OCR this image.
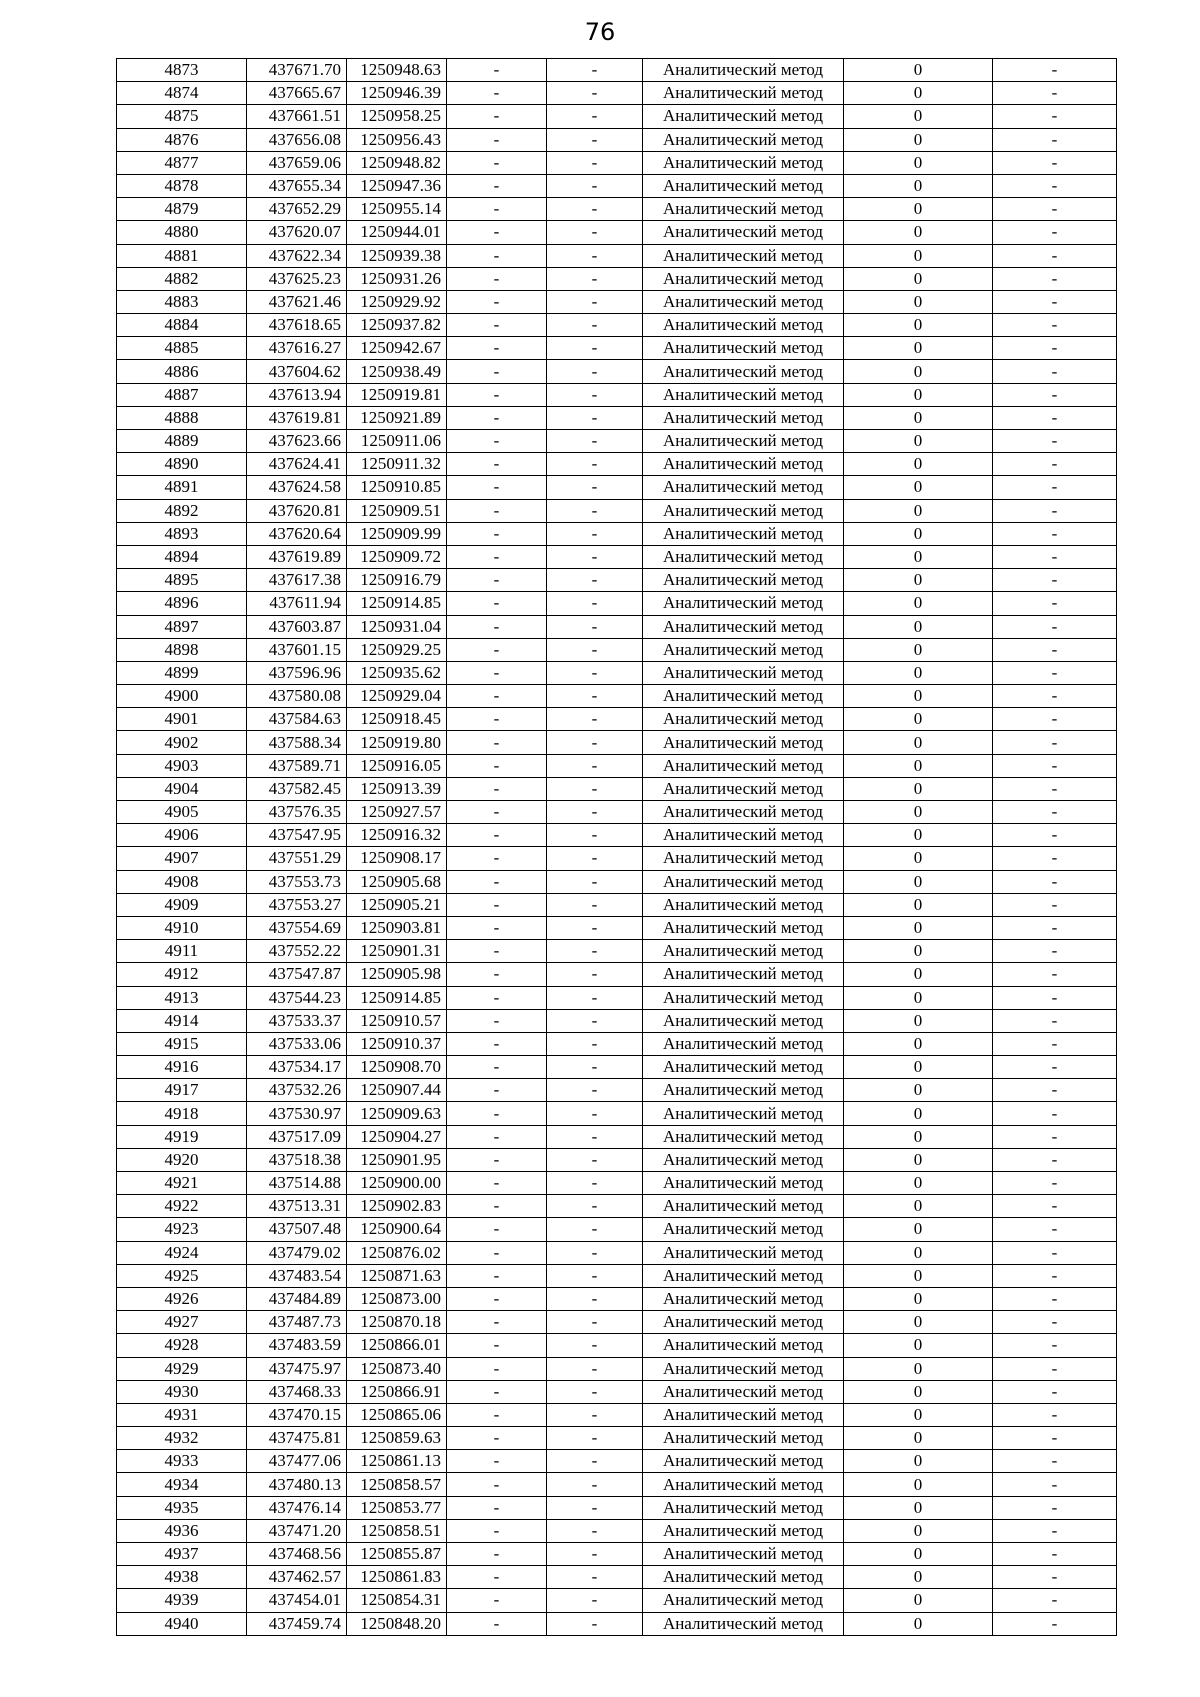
76
4873	437671.70	1250948.63	-	-	Аналитический метод	0	-
4874	437665.67	1250946.39	-	-	Аналитический метод	0	-
4875	437661.51	1250958.25	-	-	Аналитический метод	0	-
4876	437656.08	1250956.43	-	-	Аналитический метод	0	-
4877	437659.06	1250948.82	-	-	Аналитический метод	0	-
4878	437655.34	1250947.36	-	-	Аналитический метод	0	-
4879	437652.29	1250955.14	-	-	Аналитический метод	0	-
4880	437620.07	1250944.01	-	-	Аналитический метод	0	-
4881	437622.34	1250939.38	-	-	Аналитический метод	0	-
4882	437625.23	1250931.26	-	-	Аналитический метод	0	-
4883	437621.46	1250929.92	-	-	Аналитический метод	0	-
4884	437618.65	1250937.82	-	-	Аналитический метод	0	-
4885	437616.27	1250942.67	-	-	Аналитический метод	0	-
4886	437604.62	1250938.49	-	-	Аналитический метод	0	-
4887	437613.94	1250919.81	-	-	Аналитический метод	0	-
4888	437619.81	1250921.89	-	-	Аналитический метод	0	-
4889	437623.66	1250911.06	-	-	Аналитический метод	0	-
4890	437624.41	1250911.32	-	-	Аналитический метод	0	-
4891	437624.58	1250910.85	-	-	Аналитический метод	0	-
4892	437620.81	1250909.51	-	-	Аналитический метод	0	-
4893	437620.64	1250909.99	-	-	Аналитический метод	0	-
4894	437619.89	1250909.72	-	-	Аналитический метод	0	-
4895	437617.38	1250916.79	-	-	Аналитический метод	0	-
4896	437611.94	1250914.85	-	-	Аналитический метод	0	-
4897	437603.87	1250931.04	-	-	Аналитический метод	0	-
4898	437601.15	1250929.25	-	-	Аналитический метод	0	-
4899	437596.96	1250935.62	-	-	Аналитический метод	0	-
4900	437580.08	1250929.04	-	-	Аналитический метод	0	-
4901	437584.63	1250918.45	-	-	Аналитический метод	0	-
4902	437588.34	1250919.80	-	-	Аналитический метод	0	-
4903	437589.71	1250916.05	-	-	Аналитический метод	0	-
4904	437582.45	1250913.39	-	-	Аналитический метод	0	-
4905	437576.35	1250927.57	-	-	Аналитический метод	0	-
4906	437547.95	1250916.32	-	-	Аналитический метод	0	-
4907	437551.29	1250908.17	-	-	Аналитический метод	0	-
4908	437553.73	1250905.68	-	-	Аналитический метод	0	-
4909	437553.27	1250905.21	-	-	Аналитический метод	0	-
4910	437554.69	1250903.81	-	-	Аналитический метод	0	-
4911	437552.22	1250901.31	-	-	Аналитический метод	0	-
4912	437547.87	1250905.98	-	-	Аналитический метод	0	-
4913	437544.23	1250914.85	-	-	Аналитический метод	0	-
4914	437533.37	1250910.57	-	-	Аналитический метод	0	-
4915	437533.06	1250910.37	-	-	Аналитический метод	0	-
4916	437534.17	1250908.70	-	-	Аналитический метод	0	-
4917	437532.26	1250907.44	-	-	Аналитический метод	0	-
4918	437530.97	1250909.63	-	-	Аналитический метод	0	-
4919	437517.09	1250904.27	-	-	Аналитический метод	0	-
4920	437518.38	1250901.95	-	-	Аналитический метод	0	-
4921	437514.88	1250900.00	-	-	Аналитический метод	0	-
4922	437513.31	1250902.83	-	-	Аналитический метод	0	-
4923	437507.48	1250900.64	-	-	Аналитический метод	0	-
4924	437479.02	1250876.02	-	-	Аналитический метод	0	-
4925	437483.54	1250871.63	-	-	Аналитический метод	0	-
4926	437484.89	1250873.00	-	-	Аналитический метод	0	-
4927	437487.73	1250870.18	-	-	Аналитический метод	0	-
4928	437483.59	1250866.01	-	-	Аналитический метод	0	-
4929	437475.97	1250873.40	-	-	Аналитический метод	0	-
4930	437468.33	1250866.91	-	-	Аналитический метод	0	-
4931	437470.15	1250865.06	-	-	Аналитический метод	0	-
4932	437475.81	1250859.63	-	-	Аналитический метод	0	-
4933	437477.06	1250861.13	-	-	Аналитический метод	0	-
4934	437480.13	1250858.57	-	-	Аналитический метод	0	-
4935	437476.14	1250853.77	-	-	Аналитический метод	0	-
4936	437471.20	1250858.51	-	-	Аналитический метод	0	-
4937	437468.56	1250855.87	-	-	Аналитический метод	0	-
4938	437462.57	1250861.83	-	-	Аналитический метод	0	-
4939	437454.01	1250854.31	-	-	Аналитический метод	0	-
4940	437459.74	1250848.20	-	-	Аналитический метод	0	-
